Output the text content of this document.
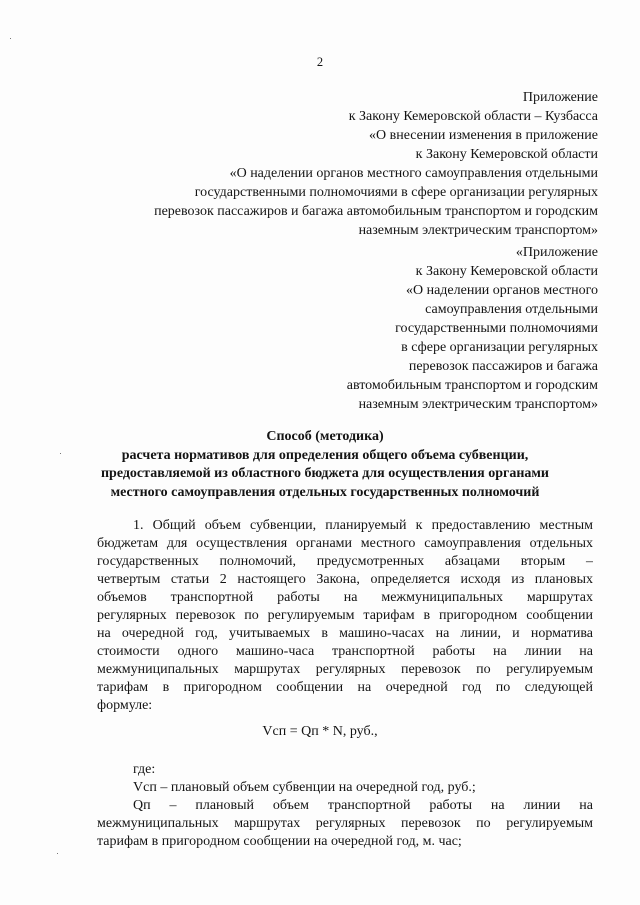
2
Приложение
к Закону Кемеровской области – Кузбасса
«О внесении изменения в приложение
к Закону Кемеровской области
«О наделении органов местного самоуправления отдельными
государственными полномочиями в сфере организации регулярных
перевозок пассажиров и багажа автомобильным транспортом и городским
наземным электрическим транспортом»
«Приложение
к Закону Кемеровской области
«О наделении органов местного
самоуправления отдельными
государственными полномочиями
в сфере организации регулярных
перевозок пассажиров и багажа
автомобильным транспортом и городским
наземным электрическим транспортом»
Способ (методика)
расчета нормативов для определения общего объема субвенции,
предоставляемой из областного бюджета для осуществления органами
местного самоуправления отдельных государственных полномочий
1. Общий объем субвенции, планируемый к предоставлению местным
бюджетам для осуществления органами местного самоуправления отдельных
государственных полномочий, предусмотренных абзацами вторым –
четвертым статьи 2 настоящего Закона, определяется исходя из плановых
объемов транспортной работы на межмуниципальных маршрутах
регулярных перевозок по регулируемым тарифам в пригородном сообщении
на очередной год, учитываемых в машино-часах на линии, и норматива
стоимости одного машино-часа транспортной работы на линии на
межмуниципальных маршрутах регулярных перевозок по регулируемым
тарифам в пригородном сообщении на очередной год по следующей
формуле:
Vсп = Qп * N, руб.,
где:
Vсп – плановый объем субвенции на очередной год, руб.;
Qп – плановый объем транспортной работы на линии на
межмуниципальных маршрутах регулярных перевозок по регулируемым
тарифам в пригородном сообщении на очередной год, м. час;
